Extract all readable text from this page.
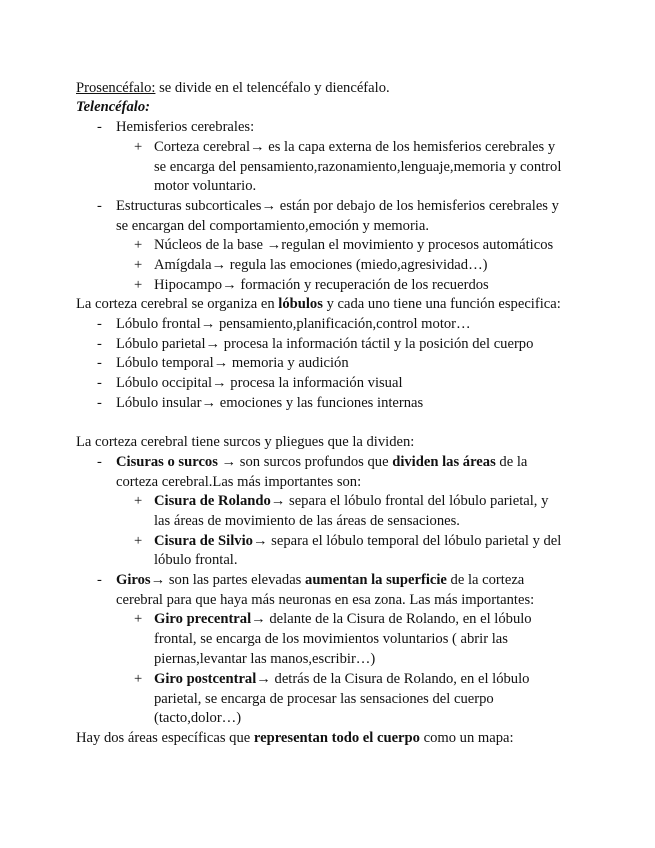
Prosencéfalo: se divide en el telencéfalo y diencéfalo.
Telencéfalo:
- Hemisferios cerebrales:
+ Corteza cerebral→ es la capa externa de los hemisferios cerebrales y
se encarga del pensamiento,razonamiento,lenguaje,memoria y control
motor voluntario.
- Estructuras subcorticales→ están por debajo de los hemisferios cerebrales y
se encargan del comportamiento,emoción y memoria.
+ Núcleos de la base →regulan el movimiento y procesos automáticos
+ Amígdala→ regula las emociones (miedo,agresividad…)
+ Hipocampo→ formación y recuperación de los recuerdos
La corteza cerebral se organiza en lóbulos y cada uno tiene una función especifica:
- Lóbulo frontal→ pensamiento,planificación,control motor…
- Lóbulo parietal→ procesa la información táctil y la posición del cuerpo
- Lóbulo temporal→ memoria y audición
- Lóbulo occipital→ procesa la información visual
- Lóbulo insular→ emociones y las funciones internas
La corteza cerebral tiene surcos y pliegues que la dividen:
- Cisuras o surcos → son surcos profundos que dividen las áreas de la
corteza cerebral.Las más importantes son:
+ Cisura de Rolando→ separa el lóbulo frontal del lóbulo parietal, y
las áreas de movimiento de las áreas de sensaciones.
+ Cisura de Silvio→ separa el lóbulo temporal del lóbulo parietal y del
lóbulo frontal.
- Giros→ son las partes elevadas aumentan la superficie de la corteza
cerebral para que haya más neuronas en esa zona. Las más importantes:
+ Giro precentral→ delante de la Cisura de Rolando, en el lóbulo
frontal, se encarga de los movimientos voluntarios ( abrir las
piernas,levantar las manos,escribir…)
+ Giro postcentral→ detrás de la Cisura de Rolando, en el lóbulo
parietal, se encarga de procesar las sensaciones del cuerpo
(tacto,dolor…)
Hay dos áreas específicas que representan todo el cuerpo como un mapa:
